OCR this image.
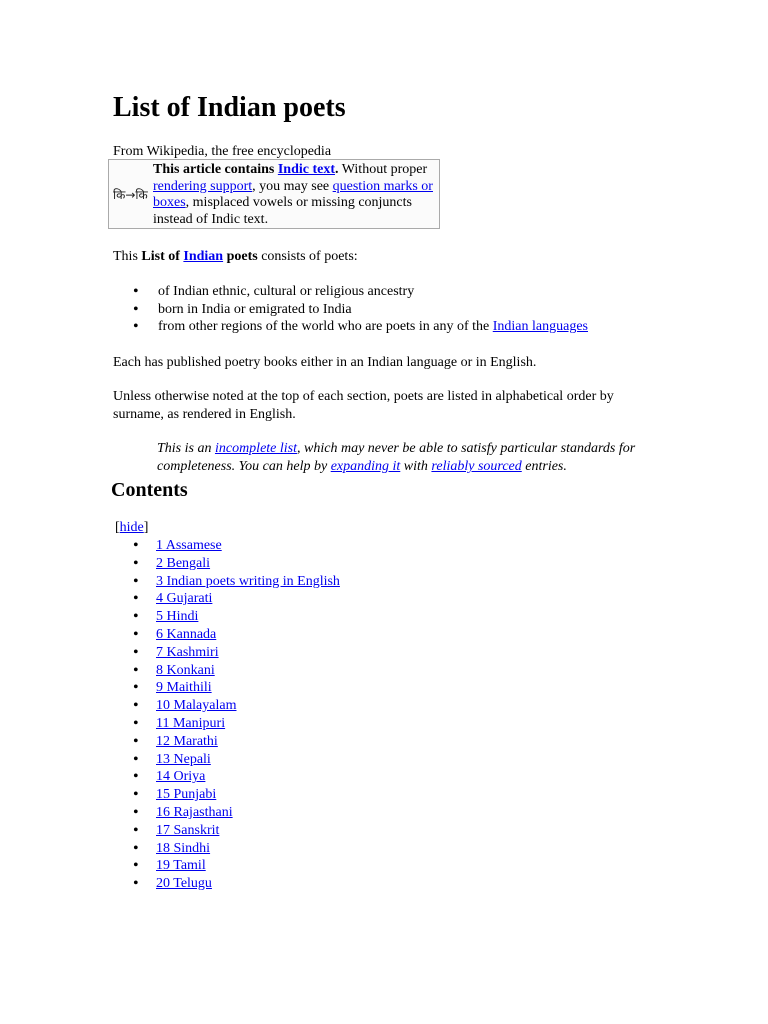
List of Indian poets
From Wikipedia, the free encyclopedia
कि→कि
This article contains Indic text. Without proper rendering support, you may see question marks or boxes, misplaced vowels or missing conjuncts instead of Indic text.
This List of Indian poets consists of poets:
• of Indian ethnic, cultural or religious ancestry
• born in India or emigrated to India
• from other regions of the world who are poets in any of the Indian languages
Each has published poetry books either in an Indian language or in English.
Unless otherwise noted at the top of each section, poets are listed in alphabetical order by surname, as rendered in English.
This is an incomplete list, which may never be able to satisfy particular standards for completeness. You can help by expanding it with reliably sourced entries.
Contents
[hide]
• 1 Assamese
• 2 Bengali
• 3 Indian poets writing in English
• 4 Gujarati
• 5 Hindi
• 6 Kannada
• 7 Kashmiri
• 8 Konkani
• 9 Maithili
• 10 Malayalam
• 11 Manipuri
• 12 Marathi
• 13 Nepali
• 14 Oriya
• 15 Punjabi
• 16 Rajasthani
• 17 Sanskrit
• 18 Sindhi
• 19 Tamil
• 20 Telugu
